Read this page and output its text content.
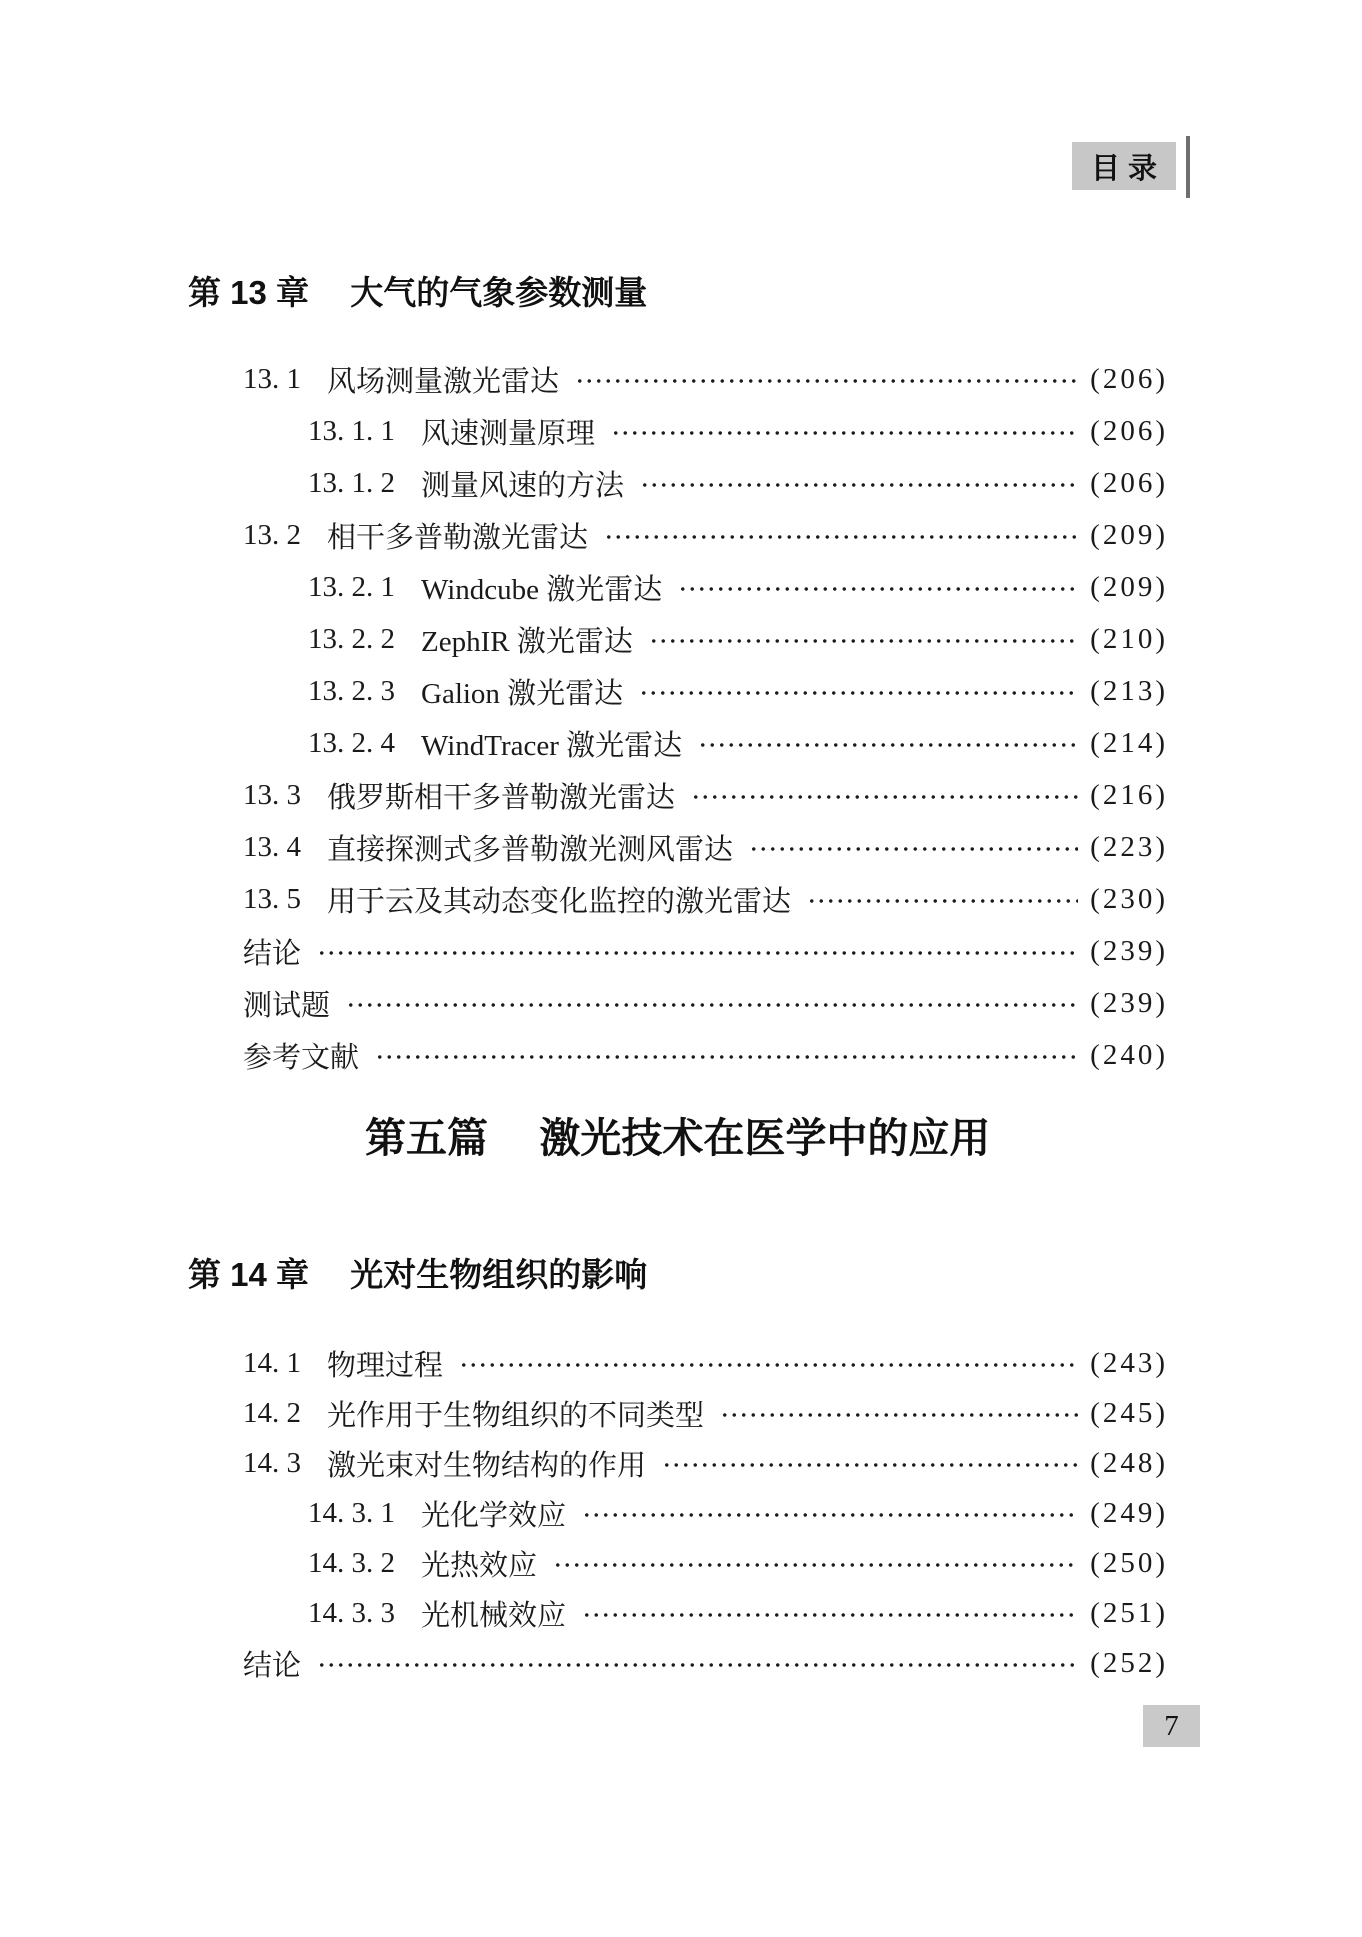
目 录
第 13 章 大气的气象参数测量
13. 1 风场测量激光雷达	(206)
13. 1. 1 风速测量原理	(206)
13. 1. 2 测量风速的方法	(206)
13. 2 相干多普勒激光雷达	(209)
13. 2. 1 Windcube 激光雷达	(209)
13. 2. 2 ZephIR 激光雷达	(210)
13. 2. 3 Galion 激光雷达	(213)
13. 2. 4 WindTracer 激光雷达	(214)
13. 3 俄罗斯相干多普勒激光雷达	(216)
13. 4 直接探测式多普勒激光测风雷达	(223)
13. 5 用于云及其动态变化监控的激光雷达	(230)
结论	(239)
测试题	(239)
参考文献	(240)
第五篇 激光技术在医学中的应用
第 14 章 光对生物组织的影响
14. 1 物理过程	(243)
14. 2 光作用于生物组织的不同类型	(245)
14. 3 激光束对生物结构的作用	(248)
14. 3. 1 光化学效应	(249)
14. 3. 2 光热效应	(250)
14. 3. 3 光机械效应	(251)
结论	(252)
7
